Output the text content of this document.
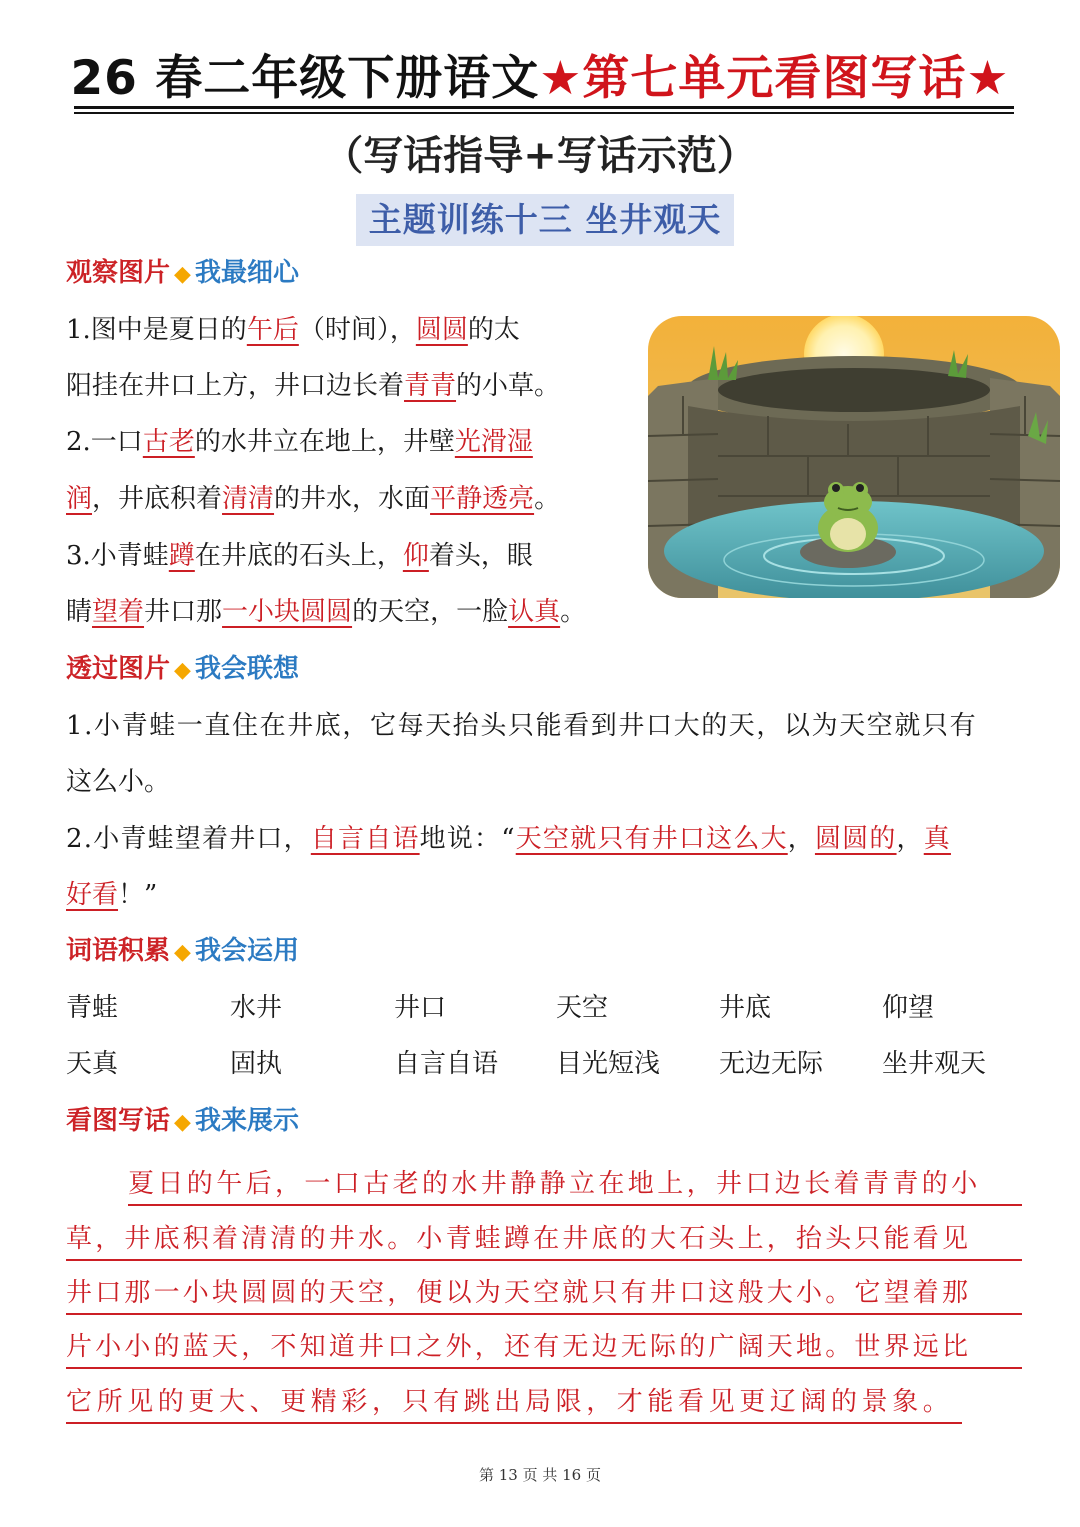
26 春二年级下册语文★第七单元看图写话★
（写话指导+写话示范）
主题训练十三 坐井观天
观察图片 ◆ 我最细心
1.图中是夏日的午后（时间），圆圆的太
阳挂在井口上方，井口边长着青青的小草。
2.一口古老的水井立在地上，井壁光滑湿
润，井底积着清清的井水，水面平静透亮。
3.小青蛙蹲在井底的石头上，仰着头，眼
睛望着井口那一小块圆圆的天空，一脸认真。
透过图片 ◆ 我会联想
1.小青蛙一直住在井底，它每天抬头只能看到井口大的天，以为天空就只有
这么小。
2.小青蛙望着井口，自言自语地说：“天空就只有井口这么大，圆圆的，真
好看！”
词语积累 ◆ 我会运用
青蛙	水井	井口	天空	井底	仰望
天真	固执	自言自语 目光短浅 无边无际 坐井观天
看图写话 ◆ 我来展示
夏日的午后，一口古老的水井静静立在地上，井口边长着青青的小
草，井底积着清清的井水。小青蛙蹲在井底的大石头上，抬头只能看见
井口那一小块圆圆的天空，便以为天空就只有井口这般大小。它望着那
片小小的蓝天，不知道井口之外，还有无边无际的广阔天地。世界远比
它所见的更大、更精彩，只有跳出局限，才能看见更辽阔的景象。
第 13 页 共 16 页
